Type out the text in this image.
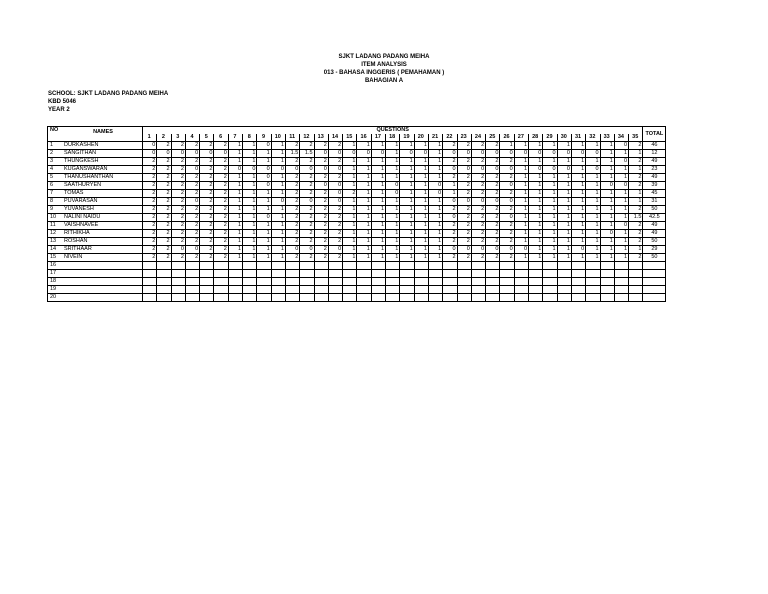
SJKT LADANG PADANG MEIHA
ITEM ANALYSIS
013 - BAHASA INGGERIS ( PEMAHAMAN )
BAHAGIAN A
SCHOOL: SJKT LADANG PADANG MEIHA
KBD 5046
YEAR 2
NO	NAMES	QUESTIONS																																			TOTAL
		1	2	3	4	5	6	7	8	9	10	11	12	13	14	15	16	17	18	19	20	21	22	23	24	25	26	27	28	29	30	31	32	33	34	35	
1	DURKASHEN	0	2	2	2	2	2	1	1	0	1	2	2	2	2	1	1	1	1	1	1	1	2	2	2	2	1	1	1	1	1	1	1	1	0	2	46
2	SANGITHAN	0	0	0	0	0	0	1	1	1	1	1.5	1.5	0	0	0	0	0	1	0	0	1	0	0	0	0	0	0	0	0	0	0	0	1	1	1	12
3	THUNGKESH	2	2	2	2	2	2	1	1	1	1	2	2	2	2	1	1	1	1	1	1	1	2	2	2	2	2	1	1	1	1	1	1	1	0	2	49
4	KUGANSWARAN	2	2	2	0	2	2	0	0	0	0	0	0	0	0	1	1	1	1	1	1	1	0	0	0	0	0	1	0	0	0	1	0	1	1	1	23
5	THANUSHANTHAN	2	2	2	2	2	2	1	1	0	1	2	2	2	2	1	1	1	1	1	1	1	2	2	2	2	2	1	1	1	1	1	1	1	1	2	49
6	SAATHURYEN	2	2	2	2	2	2	1	1	0	1	2	2	0	0	1	1	1	0	1	1	0	1	2	2	2	0	1	1	1	1	1	1	0	0	2	39
7	TOMAS	2	2	2	2	2	2	1	1	1	1	2	2	2	0	2	1	1	0	1	1	0	1	2	2	2	2	1	1	1	1	1	1	1	1	1	45
8	PUVARASAN	2	2	2	0	2	2	1	1	1	0	2	0	2	0	1	1	1	1	1	1	1	0	0	0	0	0	1	1	1	1	1	1	1	1	1	31
9	YUVANESH	2	2	2	2	2	2	1	1	1	1	2	2	2	2	1	1	1	1	1	1	1	2	2	2	2	2	1	1	1	1	1	1	1	1	2	50
10	NALINI NAIDU	2	2	2	2	2	2	1	1	0	1	2	2	2	2	1	1	1	1	1	1	1	0	2	2	2	0	1	1	1	1	1	1	1	1	1.5	42.5
11	VAISHNAVEE	2	2	2	2	2	2	1	1	1	1	2	2	2	2	1	1	1	1	1	1	1	2	2	2	2	2	1	1	1	1	1	1	1	0	2	49
12	RITHIKHA	2	2	2	2	2	2	1	1	1	1	2	2	2	2	1	1	1	1	1	1	1	2	2	2	2	2	1	1	1	1	1	1	0	1	2	49
13	ROSHAN	2	2	2	2	2	2	1	1	1	1	2	2	2	2	1	1	1	1	1	1	1	2	2	2	2	2	1	1	1	1	1	1	1	1	2	50
14	SRITHAAR	2	2	0	0	2	2	1	1	1	1	0	0	2	0	1	1	1	1	1	1	1	0	0	0	0	0	0	1	1	1	0	1	1	1	1	29
15	NIVEIN	2	2	2	2	2	2	1	1	1	1	2	2	2	2	1	1	1	1	1	1	1	2	2	2	2	2	1	1	1	1	1	1	1	1	2	50
16																																					
17																																					
18																																					
19																																					
20																																					
